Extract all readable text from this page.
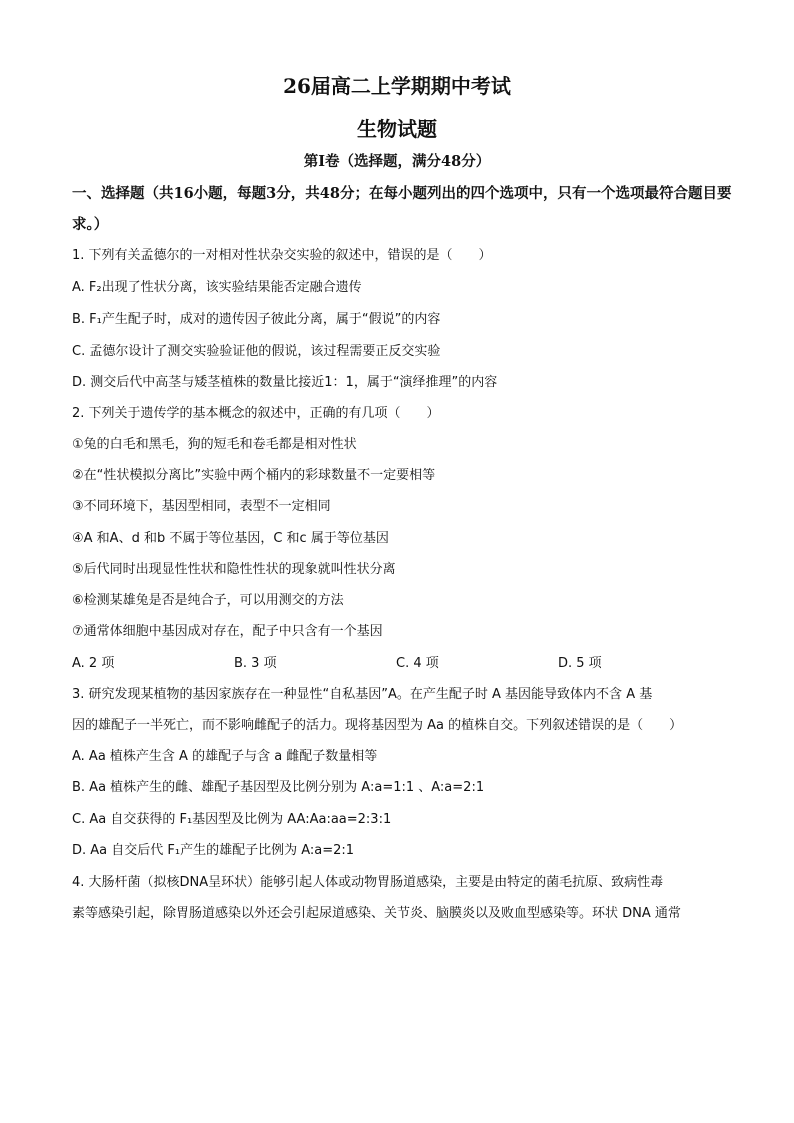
26届高二上学期期中考试
生物试题
第Ⅰ卷（选择题，满分48分）
一、选择题（共16小题，每题3分，共48分；在每小题列出的四个选项中，只有一个选项最符合题目要求。）
1. 下列有关孟德尔的一对相对性状杂交实验的叙述中，错误的是（　　）
A. F₂出现了性状分离，该实验结果能否定融合遗传
B. F₁产生配子时，成对的遗传因子彼此分离，属于“假说”的内容
C. 孟德尔设计了测交实验验证他的假说，该过程需要正反交实验
D. 测交后代中高茎与矮茎植株的数量比接近1：1，属于“演绎推理”的内容
2. 下列关于遗传学的基本概念的叙述中，正确的有几项（　　）
①兔的白毛和黑毛，狗的短毛和卷毛都是相对性状
②在“性状模拟分离比”实验中两个桶内的彩球数量不一定要相等
③不同环境下，基因型相同，表型不一定相同
④A 和A、d 和b 不属于等位基因，C 和c 属于等位基因
⑤后代同时出现显性性状和隐性性状的现象就叫性状分离
⑥检测某雄兔是否是纯合子，可以用测交的方法
⑦通常体细胞中基因成对存在，配子中只含有一个基因
A. 2 项	B. 3 项	C. 4 项	D. 5 项
3. 研究发现某植物的基因家族存在一种显性“自私基因”A。在产生配子时 A 基因能导致体内不含 A 基
因的雄配子一半死亡，而不影响雌配子的活力。现将基因型为 Aa 的植株自交。下列叙述错误的是（　　）
A. Aa 植株产生含 A 的雄配子与含 a 雌配子数量相等
B. Aa 植株产生的雌、雄配子基因型及比例分别为 A:a=1:1 、A:a=2:1
C. Aa 自交获得的 F₁基因型及比例为 AA:Aa:aa=2:3:1
D. Aa 自交后代 F₁产生的雄配子比例为 A:a=2:1
4. 大肠杆菌（拟核DNA呈环状）能够引起人体或动物胃肠道感染，主要是由特定的菌毛抗原、致病性毒
素等感染引起，除胃肠道感染以外还会引起尿道感染、关节炎、脑膜炎以及败血型感染等。环状 DNA 通常
